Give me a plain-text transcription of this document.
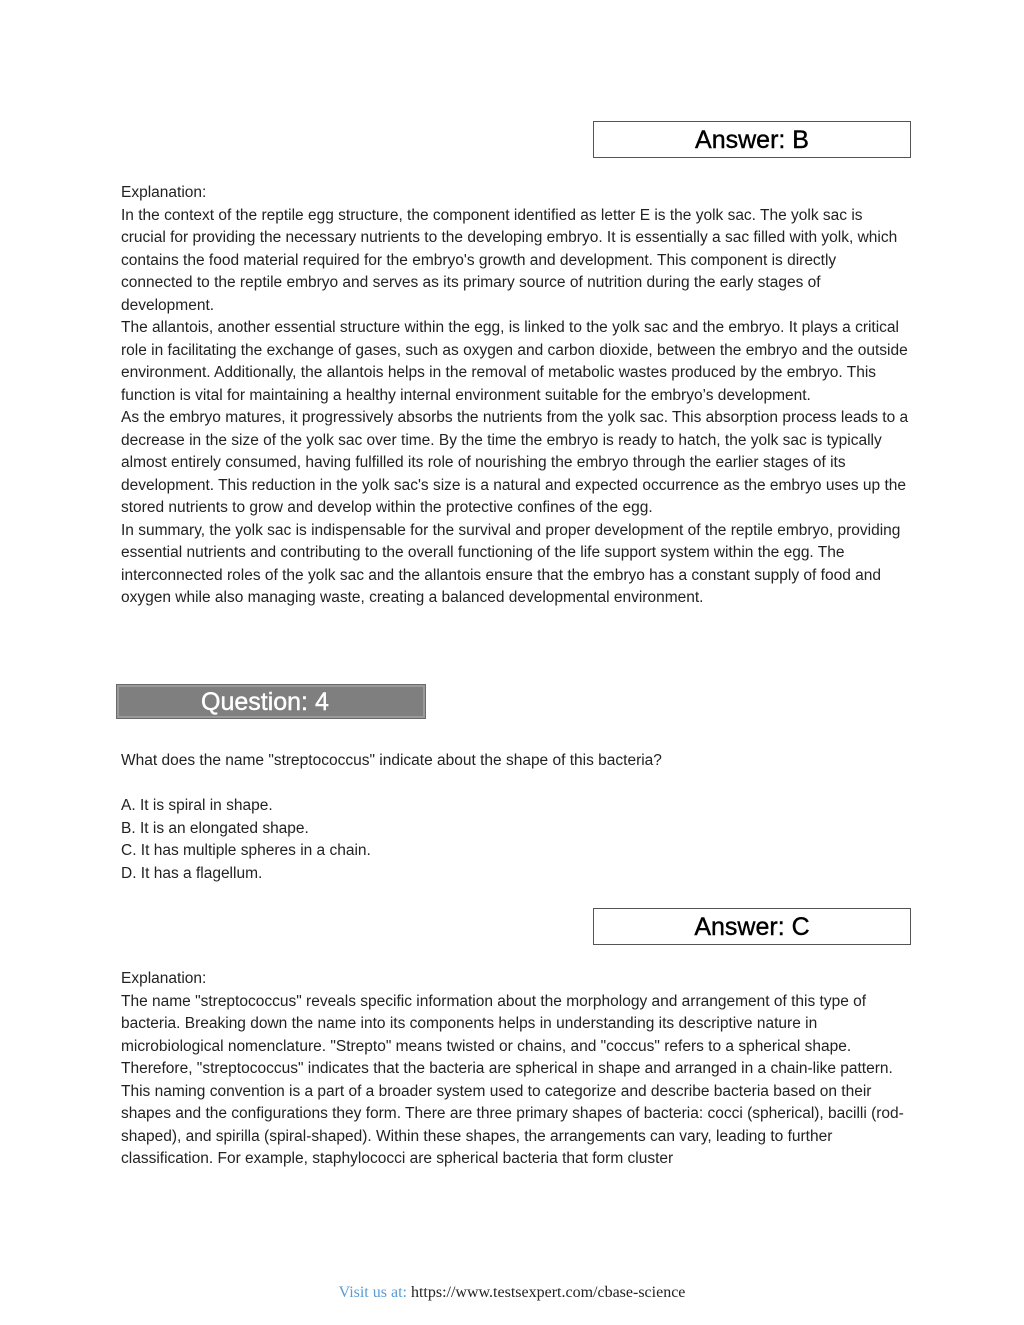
Answer: B

Explanation:

In the context of the reptile egg structure, the component identified as letter E is the yolk sac. The yolk sac is crucial for providing the necessary nutrients to the developing embryo. It is essentially a sac filled with yolk, which contains the food material required for the embryo's growth and development. This component is directly connected to the reptile embryo and serves as its primary source of nutrition during the early stages of development.

The allantois, another essential structure within the egg, is linked to the yolk sac and the embryo. It plays a critical role in facilitating the exchange of gases, such as oxygen and carbon dioxide, between the embryo and the outside environment. Additionally, the allantois helps in the removal of metabolic wastes produced by the embryo. This function is vital for maintaining a healthy internal environment suitable for the embryo’s development.

As the embryo matures, it progressively absorbs the nutrients from the yolk sac. This absorption process leads to a decrease in the size of the yolk sac over time. By the time the embryo is ready to hatch, the yolk sac is typically almost entirely consumed, having fulfilled its role of nourishing the embryo through the earlier stages of its development. This reduction in the yolk sac's size is a natural and expected occurrence as the embryo uses up the stored nutrients to grow and develop within the protective confines of the egg.

In summary, the yolk sac is indispensable for the survival and proper development of the reptile embryo, providing essential nutrients and contributing to the overall functioning of the life support system within the egg. The interconnected roles of the yolk sac and the allantois ensure that the embryo has a constant supply of food and oxygen while also managing waste, creating a balanced developmental environment.

Question: 4
What does the name "streptococcus" indicate about the shape of this bacteria?
A. It is spiral in shape.
B. It is an elongated shape.
C. It has multiple spheres in a chain.
D. It has a flagellum.
Answer: C

Explanation:

The name "streptococcus" reveals specific information about the morphology and arrangement of this type of bacteria. Breaking down the name into its components helps in understanding its descriptive nature in microbiological nomenclature. "Strepto" means twisted or chains, and "coccus" refers to a spherical shape. Therefore, "streptococcus" indicates that the bacteria are spherical in shape and arranged in a chain-like pattern.

This naming convention is a part of a broader system used to categorize and describe bacteria based on their shapes and the configurations they form. There are three primary shapes of bacteria: cocci (spherical), bacilli (rod-shaped), and spirilla (spiral-shaped). Within these shapes, the arrangements can vary, leading to further classification. For example, staphylococci are spherical bacteria that form cluster

Visit us at: https://www.testsexpert.com/cbase-science
